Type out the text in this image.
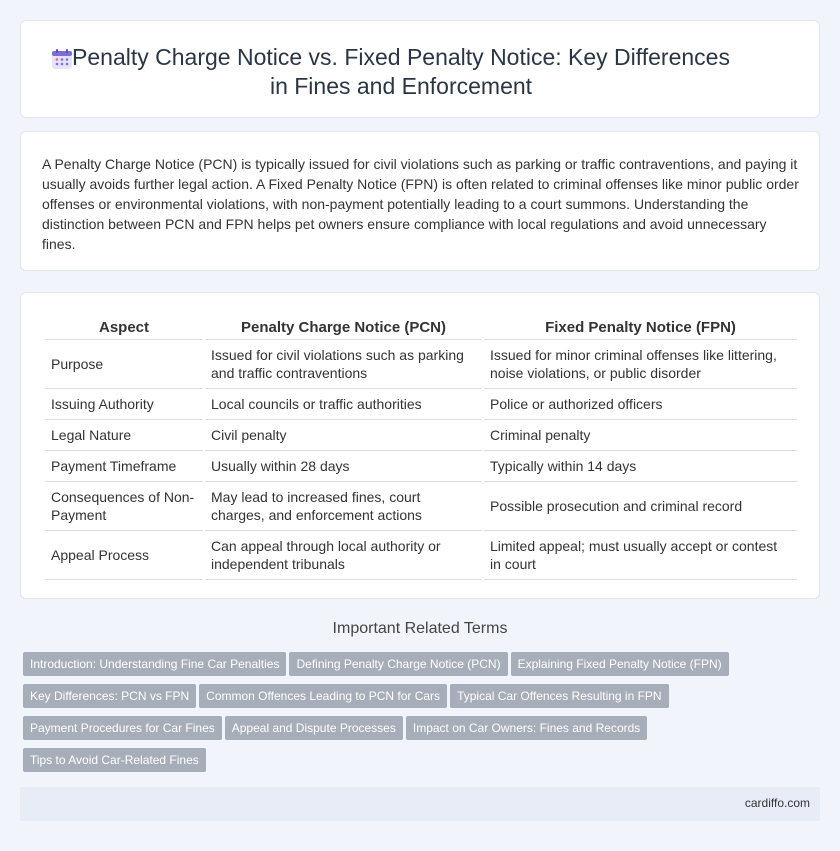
Penalty Charge Notice vs. Fixed Penalty Notice: Key Differences in Fines and Enforcement

A Penalty Charge Notice (PCN) is typically issued for civil violations such as parking or traffic contraventions, and paying it usually avoids further legal action. A Fixed Penalty Notice (FPN) is often related to criminal offenses like minor public order offenses or environmental violations, with non-payment potentially leading to a court summons. Understanding the distinction between PCN and FPN helps pet owners ensure compliance with local regulations and avoid unnecessary fines.

Aspect	Penalty Charge Notice (PCN)	Fixed Penalty Notice (FPN)
Purpose	Issued for civil violations such as parking and traffic contraventions	Issued for minor criminal offenses like littering, noise violations, or public disorder
Issuing Authority	Local councils or traffic authorities	Police or authorized officers
Legal Nature	Civil penalty	Criminal penalty
Payment Timeframe	Usually within 28 days	Typically within 14 days
Consequences of Non-Payment	May lead to increased fines, court charges, and enforcement actions	Possible prosecution and criminal record
Appeal Process	Can appeal through local authority or independent tribunals	Limited appeal; must usually accept or contest in court
Important Related Terms
Introduction: Understanding Fine Car Penalties Defining Penalty Charge Notice (PCN) Explaining Fixed Penalty Notice (FPN)
Key Differences: PCN vs FPN Common Offences Leading to PCN for Cars Typical Car Offences Resulting in FPN
Payment Procedures for Car Fines Appeal and Dispute Processes Impact on Car Owners: Fines and Records
Tips to Avoid Car-Related Fines
cardiffo.com
